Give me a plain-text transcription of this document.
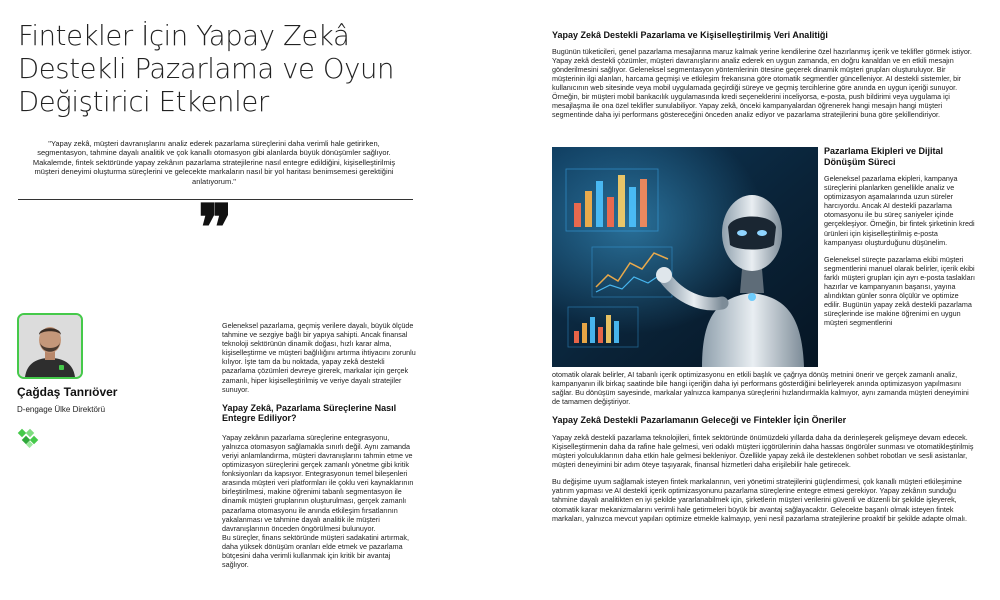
Fintekler İçin Yapay Zekâ
Destekli Pazarlama ve Oyun
Değiştirici Etkenler

"Yapay zekâ, müşteri davranışlarını analiz ederek pazarlama süreçlerini daha verimli hale getirirken, segmentasyon, tahmine dayalı analitik ve çok kanallı otomasyon gibi alanlarda büyük dönüşümler sağlıyor. Makalemde, fintek sektöründe yapay zekânın pazarlama stratejilerine nasıl entegre edildiğini, kişiselleştirilmiş müşteri deneyimi oluşturma süreçlerini ve gelecekte markaların nasıl bir yol haritası benimsemesi gerektiğini anlatıyorum."

❞
Çağdaş Tanrıöver
D-engage Ülke Direktörü

Geleneksel pazarlama, geçmiş verilere dayalı, büyük ölçüde tahmine ve sezgiye bağlı bir yapıya sahipti. Ancak finansal teknoloji sektörünün dinamik doğası, hızlı karar alma, kişiselleştirme ve müşteri bağlılığını artırma ihtiyacını zorunlu kılıyor. İşte tam da bu noktada, yapay zekâ destekli pazarlama çözümleri devreye girerek, markalar için gerçek zamanlı, hiper kişiselleştirilmiş ve veriye dayalı stratejiler sunuyor.

Yapay Zekâ, Pazarlama Süreçlerine Nasıl Entegre Ediliyor?

Yapay zekânın pazarlama süreçlerine entegrasyonu, yalnızca otomasyon sağlamakla sınırlı değil. Aynı zamanda veriyi anlamlandırma, müşteri davranışlarını tahmin etme ve optimizasyon süreçlerini gerçek zamanlı yönetme gibi kritik fonksiyonları da kapsıyor. Entegrasyonun temel bileşenleri arasında müşteri veri platformları ile çoklu veri kaynaklarının birleştirilmesi, makine öğrenimi tabanlı segmentasyon ile dinamik müşteri gruplarının oluşturulması, gerçek zamanlı pazarlama otomasyonu ile anında etkileşim fırsatlarının yakalanması ve tahmine dayalı analitik ile müşteri davranışlarının önceden öngörülmesi bulunuyor.

Bu süreçler, finans sektöründe müşteri sadakatini artırmak, daha yüksek dönüşüm oranları elde etmek ve pazarlama bütçesini daha verimli kullanmak için kritik bir avantaj sağlıyor.

Yapay Zekâ Destekli Pazarlama ve Kişiselleştirilmiş Veri Analitiği

Bugünün tüketicileri, genel pazarlama mesajlarına maruz kalmak yerine kendilerine özel hazırlanmış içerik ve teklifler görmek istiyor. Yapay zekâ destekli çözümler, müşteri davranışlarını analiz ederek en uygun zamanda, en doğru kanaldan ve en etkili mesajın gönderilmesini sağlıyor. Geleneksel segmentasyon yöntemlerinin ötesine geçerek dinamik müşteri grupları oluşturuluyor. Bir müşterinin ilgi alanları, harcama geçmişi ve etkileşim frekansına göre otomatik segmentler güncelleniyor. AI destekli sistemler, bir kullanıcının web sitesinde veya mobil uygulamada geçirdiği süreye ve geçmiş tercihlerine göre anında en uygun içeriği sunuyor. Örneğin, bir müşteri mobil bankacılık uygulamasında kredi seçeneklerini inceliyorsa, e-posta, push bildirimi veya uygulama içi mesajlaşma ile ona özel teklifler sunulabiliyor. Yapay zekâ, önceki kampanyalardan öğrenerek hangi mesajın hangi müşteri segmentinde daha iyi performans göstereceğini önceden analiz ediyor ve pazarlama stratejilerini buna göre şekillendiriyor.

Pazarlama Ekipleri ve Dijital Dönüşüm Süreci

Geleneksel pazarlama ekipleri, kampanya süreçlerini planlarken genellikle analiz ve optimizasyon aşamalarında uzun süreler harcıyordu. Ancak AI destekli pazarlama otomasyonu ile bu süreç saniyeler içinde gerçekleşiyor. Örneğin, bir fintek şirketinin kredi ürünleri için kişiselleştirilmiş e-posta kampanyası oluşturduğunu düşünelim.

Geleneksel süreçte pazarlama ekibi müşteri segmentlerini manuel olarak belirler, içerik ekibi farklı müşteri grupları için ayrı e-posta taslakları hazırlar ve kampanyanın başarısı, yayına alındıktan günler sonra ölçülür ve optimize edilir. Bugünün yapay zekâ destekli pazarlama süreçlerinde ise makine öğrenimi en uygun müşteri segmentlerini

otomatik olarak belirler, AI tabanlı içerik optimizasyonu en etkili başlık ve çağrıya dönüş metnini önerir ve gerçek zamanlı analiz, kampanyanın ilk birkaç saatinde bile hangi içeriğin daha iyi performans gösterdiğini belirleyerek anında optimizasyon yapılmasını sağlar. Bu dönüşüm sayesinde, markalar yalnızca kampanya süreçlerini hızlandırmakla kalmıyor, aynı zamanda müşteri deneyimini de tamamen değiştiriyor.

Yapay Zekâ Destekli Pazarlamanın Geleceği ve Fintekler İçin Öneriler

Yapay zekâ destekli pazarlama teknolojileri, fintek sektöründe önümüzdeki yıllarda daha da derinleşerek gelişmeye devam edecek. Kişiselleştirmenin daha da rafine hale gelmesi, veri odaklı müşteri içgörülerinin daha hassas öngörüler sunması ve otomatikleştirilmiş müşteri yolculuklarının daha etkin hale gelmesi bekleniyor. Özellikle yapay zekâ ile desteklenen sohbet robotları ve sesli asistanlar, müşteri deneyimini bir adım öteye taşıyarak, finansal hizmetleri daha erişilebilir hale getirecek.

Bu değişime uyum sağlamak isteyen fintek markalarının, veri yönetimi stratejilerini güçlendirmesi, çok kanallı müşteri etkileşimine yatırım yapması ve AI destekli içerik optimizasyonunu pazarlama süreçlerine entegre etmesi gerekiyor. Yapay zekânın sunduğu tahmine dayalı analitikten en iyi şekilde yararlanabilmek için, şirketlerin müşteri verilerini güvenli ve düzenli bir şekilde işleyerek, otomatik karar mekanizmalarını verimli hale getirmeleri büyük bir avantaj sağlayacaktır. Gelecekte başarılı olmak isteyen fintek markaları, yalnızca mevcut yapıları optimize etmekle kalmayıp, yeni nesil pazarlama stratejilerine proaktif bir şekilde adapte olmalı.
